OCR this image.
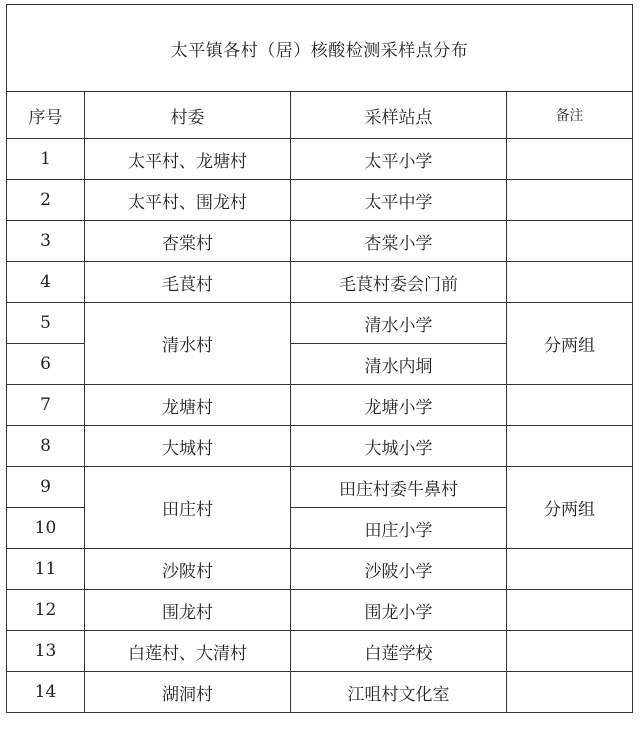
太平镇各村（居）核酸检测采样点分布			
序号	村委	采样站点	备注
1	太平村、龙塘村	太平小学	
2	太平村、围龙村	太平中学	
3	杏棠村	杏棠小学	
4	毛茛村	毛茛村委会门前	
5	清水村	清水小学	分两组
6		清水内垌	
7	龙塘村	龙塘小学	
8	大城村	大城小学	
9	田庄村	田庄村委牛鼻村	分两组
10		田庄小学	
11	沙陂村	沙陂小学	
12	围龙村	围龙小学	
13	白莲村、大清村	白莲学校	
14	湖洞村	江咀村文化室	
